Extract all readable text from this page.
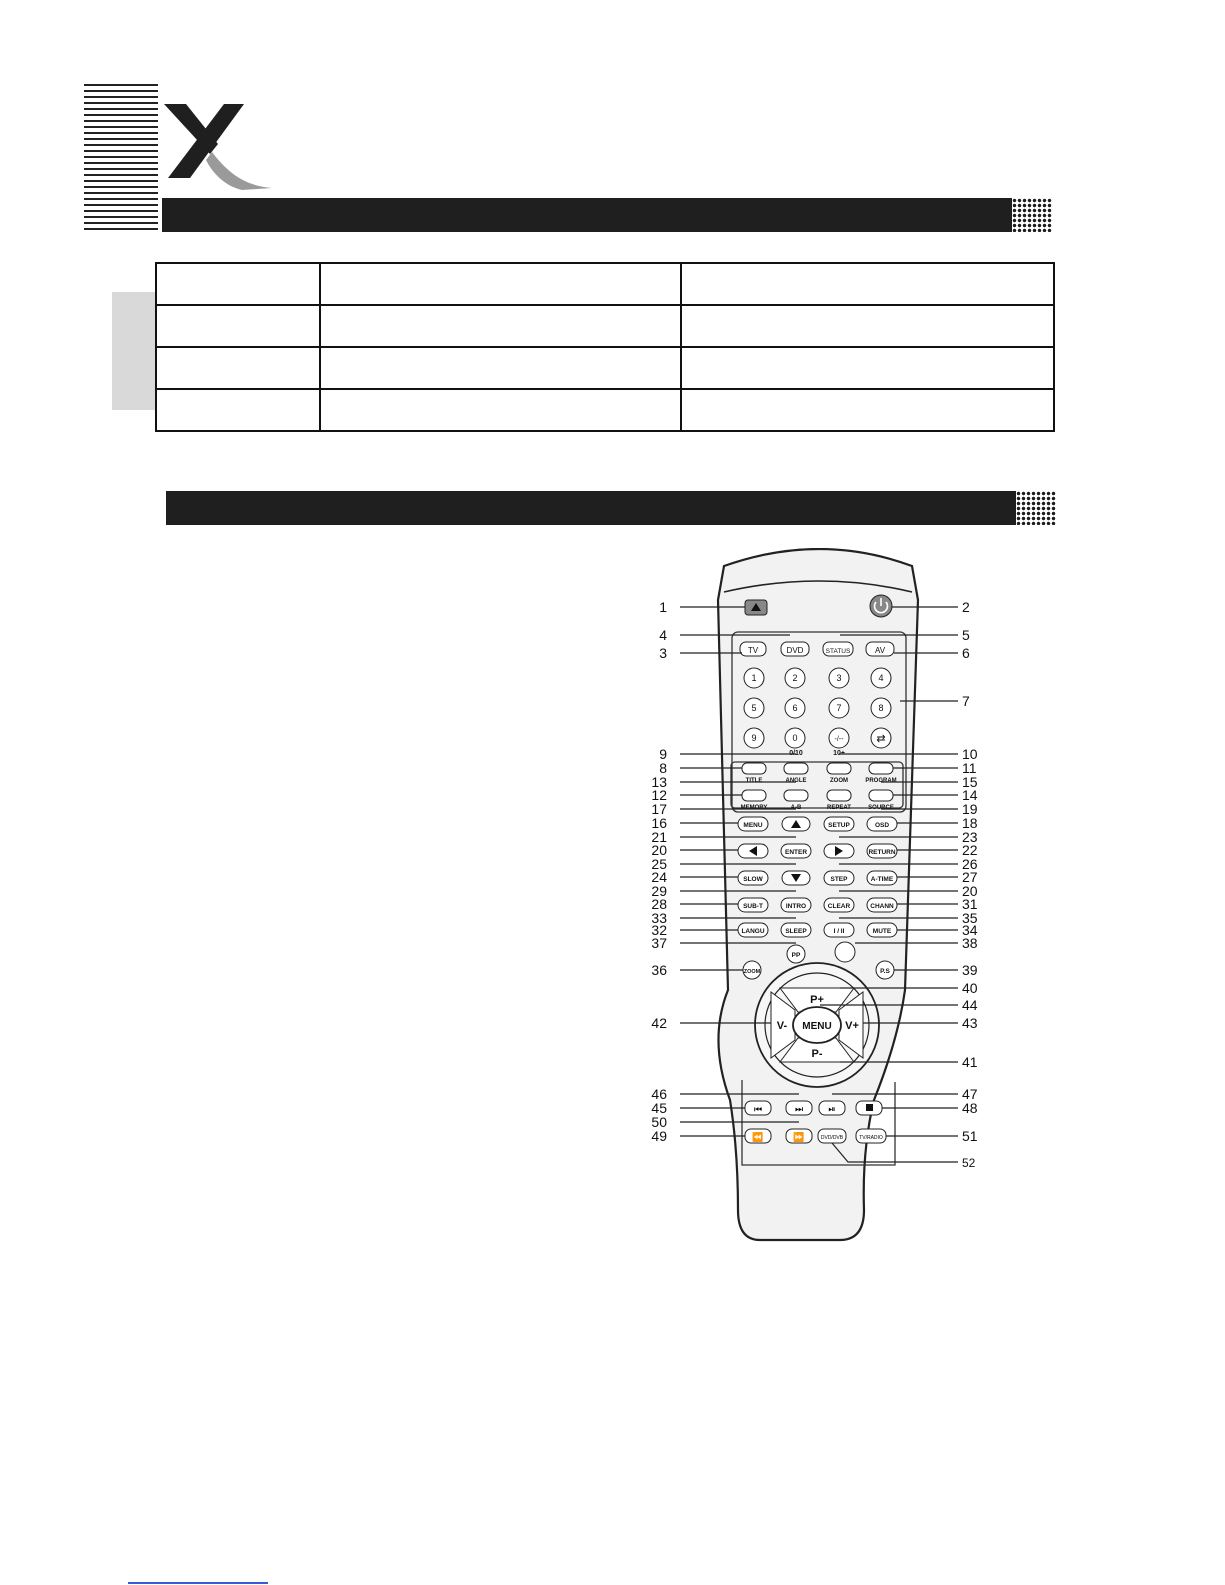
TV	DVD	STATUS	AV
1	2	3	4
5	6	7	8
9	0	-/--	⇄
0/10	10+
TITLE	ANGLE	ZOOM	PROGRAM
MEMORY	A-B	REPEAT	SOURCE
MENU	SETUP	OSD
ENTER	RETURN
SLOW	STEP	A-TIME
SUB-T	INTRO	CLEAR	CHANN
LANGU	SLEEP	I / II	MUTE
PP
ZOOM	P.S
P+
P-
V-	V+
MENU
⏮	⏭	⏯
⏪	⏩	DVD/DVB	TV/RADIO
1
4
3
9
8
13
12
17
16
21
20
25
24
29
28
33
32
37
36
42
46
45
50
49
2
5
6
7
10
11
15
14
19
18
23
22
26
27
20
31
35
34
38
39
40
44
43
41
47
48
51
52
